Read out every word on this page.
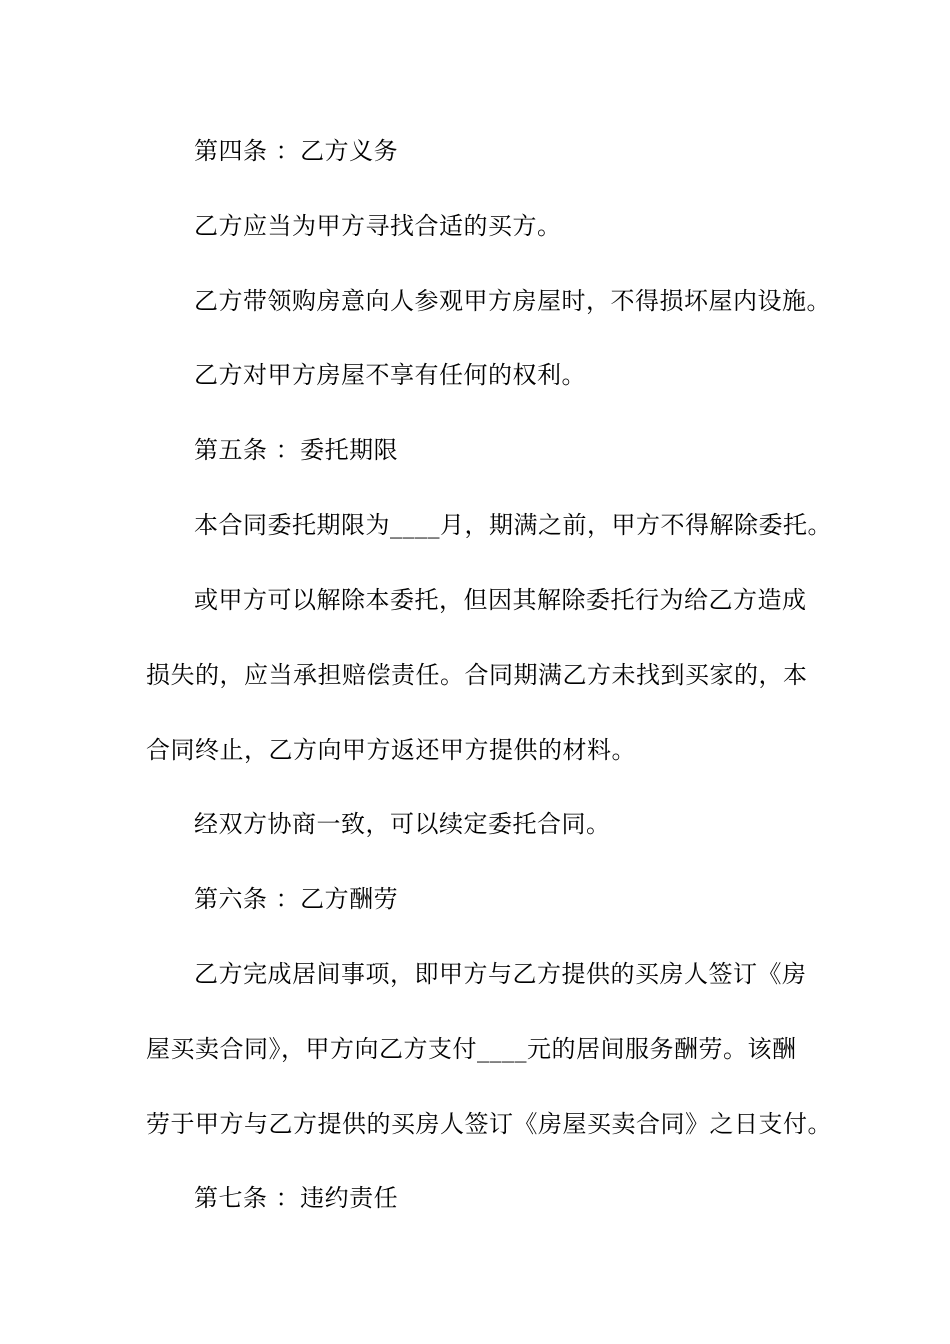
第四条 ：乙方义务
乙方应当为甲方寻找合适的买方。
乙方带领购房意向人参观甲方房屋时，不得损坏屋内设施。
乙方对甲方房屋不享有任何的权利。
第五条 ：委托期限
本合同委托期限为____月，期满之前，甲方不得解除委托。
或甲方可以解除本委托，但因其解除委托行为给乙方造成
损失的，应当承担赔偿责任。合同期满乙方未找到买家的，本
合同终止，乙方向甲方返还甲方提供的材料。
经双方协商一致，可以续定委托合同。
第六条 ：乙方酬劳
乙方完成居间事项，即甲方与乙方提供的买房人签订《房
屋买卖合同》，甲方向乙方支付____元的居间服务酬劳。该酬
劳于甲方与乙方提供的买房人签订《房屋买卖合同》之日支付。
第七条 ：违约责任
